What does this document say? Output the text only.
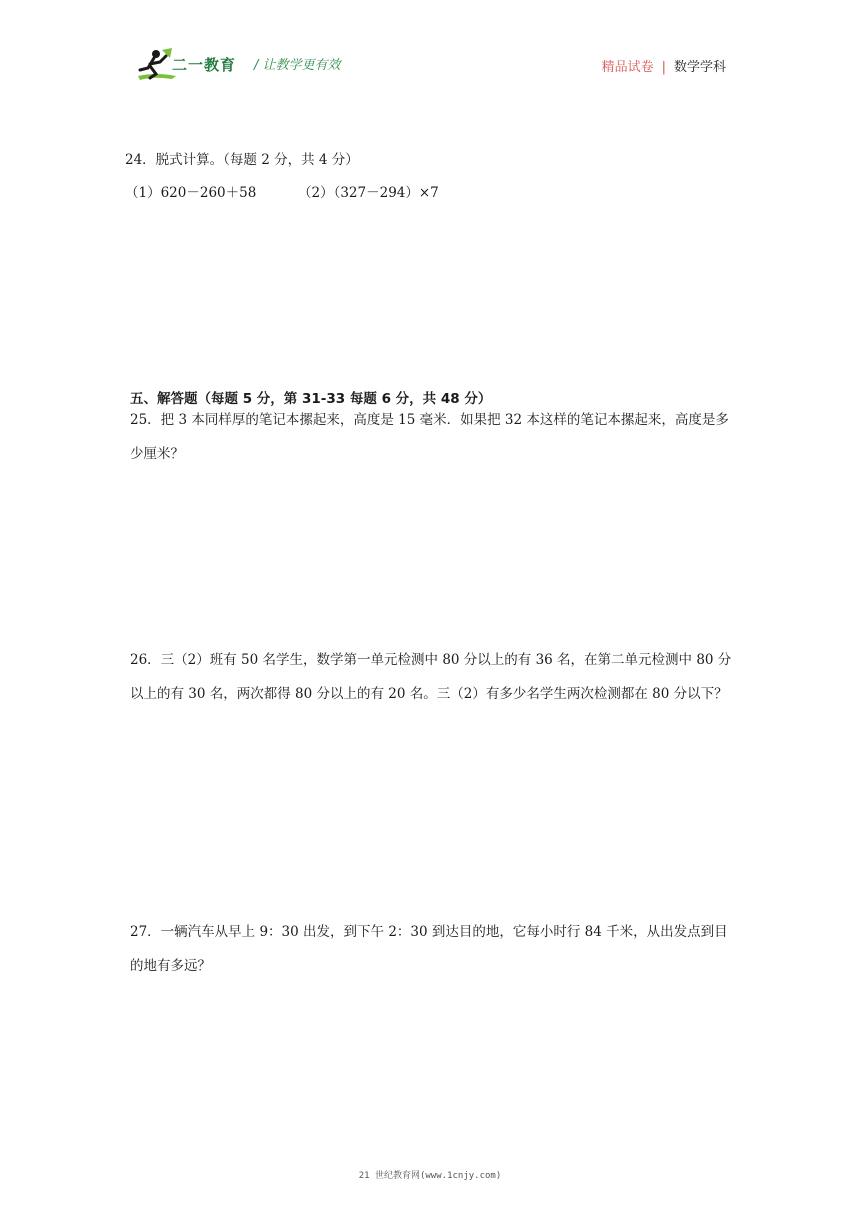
二一教育 / 让教学更有效	精品试卷 | 数学学科
24．脱式计算。（每题 2 分，共 4 分）
（1）620－260＋58	（2）（327－294）×7
五、解答题（每题 5 分，第 31-33 每题 6 分，共 48 分）
25．把 3 本同样厚的笔记本摞起来，高度是 15 毫米．如果把 32 本这样的笔记本摞起来，高度是多少厘米？
26．三（2）班有 50 名学生，数学第一单元检测中 80 分以上的有 36 名，在第二单元检测中 80 分以上的有 30 名，两次都得 80 分以上的有 20 名。三（2）有多少名学生两次检测都在 80 分以下？
27．一辆汽车从早上 9：30 出发，到下午 2：30 到达目的地，它每小时行 84 千米，从出发点到目的地有多远？
21 世纪教育网(www.1cnjy.com)
